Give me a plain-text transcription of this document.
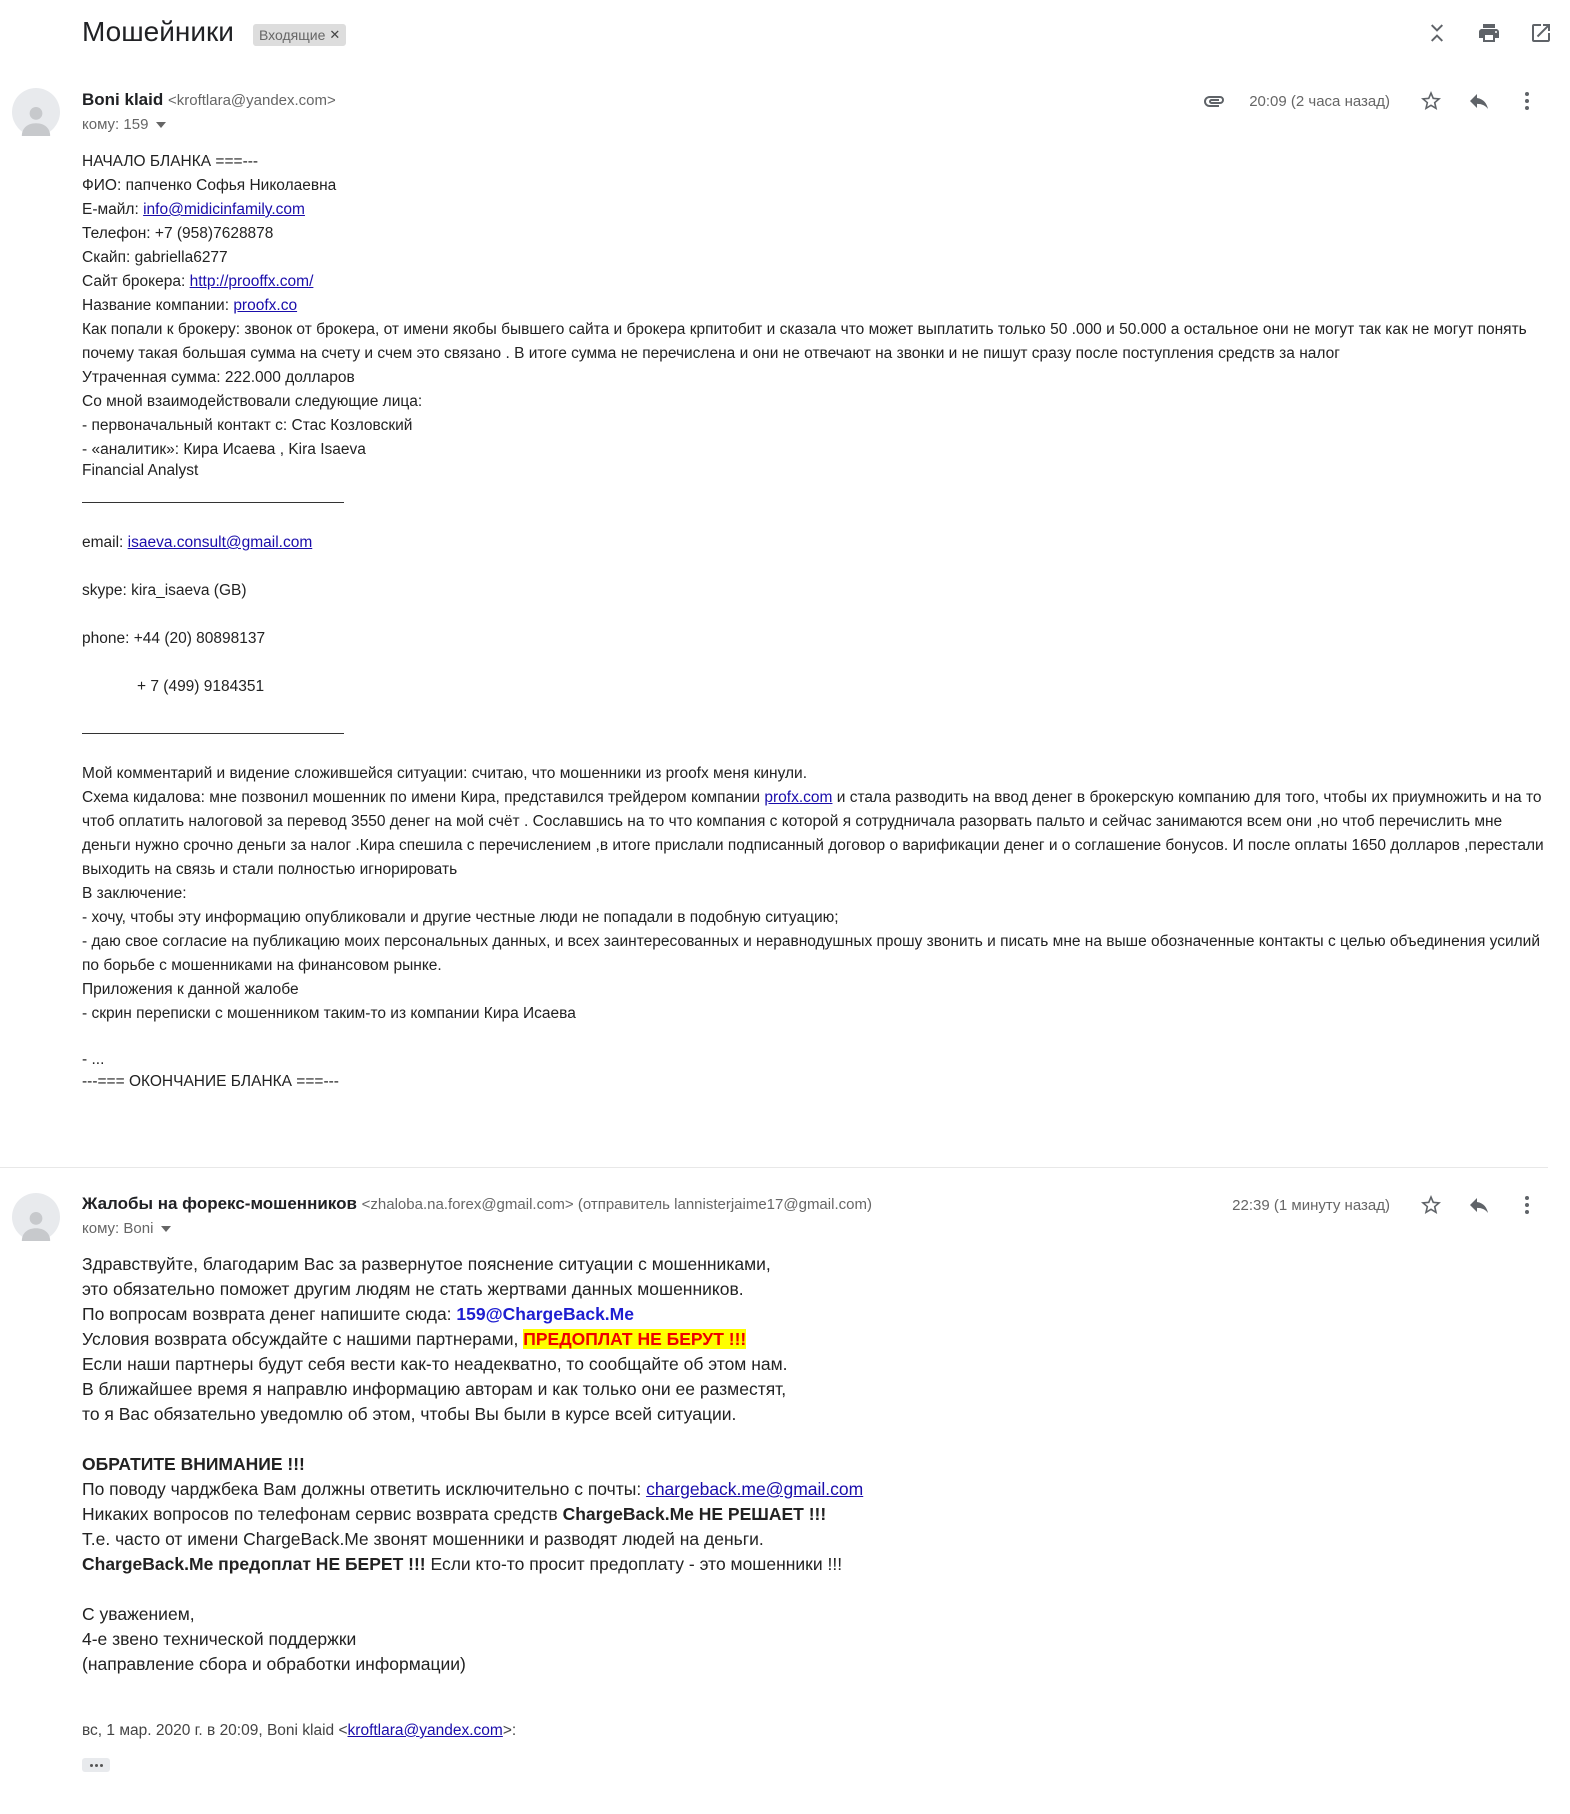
Мошейники Входящие ✕
Boni klaid <kroftlara@yandex.com>
кому: 159
20:09 (2 часа назад)

НАЧАЛО БЛАНКА ===---

ФИО: папченко Софья Николаевна

Е-майл: info@midicinfamily.com

Телефон: +7 (958)7628878

Скайп: gabriella6277

Сайт брокера: http://prooffx.com/

Название компании: proofx.co

Как попали к брокеру: звонок от брокера, от имени якобы бывшего сайта и брокера крпитобит и сказала что может выплатить только 50 .000 и 50.000 а остальное они не могут так как не могут понять почему такая большая сумма на счету и счем это связано . В итоге сумма не перечислена и они не отвечают на звонки и не пишут сразу после поступления средств за налог

Утраченная сумма: 222.000 долларов

Со мной взаимодействовали следующие лица:

- первоначальный контакт с: Стас Козловский

- «аналитик»: Кира Исаева , Kira Isaeva

Financial Analyst

email: isaeva.consult@gmail.com

skype: kira_isaeva (GB)

phone: +44 (20) 80898137

+ 7 (499) 9184351

Мой комментарий и видение сложившейся ситуации: считаю, что мошенники из proofx меня кинули.

Схема кидалова: мне позвонил мошенник по имени Кира, представился трейдером компании profx.com и стала разводить на ввод денег в брокерскую компанию для того, чтобы их приумножить и на то чтоб оплатить налоговой за перевод 3550 денег на мой счёт . Сославшись на то что компания с которой я сотрудничала разорвать пальто и сейчас занимаются всем они ,но чтоб перечислить мне деньги нужно срочно деньги за налог .Кира спешила с перечислением ,в итоге прислали подписанный договор о варификации денег и о соглашение бонусов. И после оплаты 1650 долларов ,перестали выходить на связь и стали полностью игнорировать

В заключение:

- хочу, чтобы эту информацию опубликовали и другие честные люди не попадали в подобную ситуацию;

- даю свое согласие на публикацию моих персональных данных, и всех заинтересованных и неравнодушных прошу звонить и писать мне на выше обозначенные контакты с целью объединения усилий по борьбе с мошенниками на финансовом рынке.

Приложения к данной жалобе

- скрин переписки с мошенником таким-то из компании Кира Исаева

- ...

---=== ОКОНЧАНИЕ БЛАНКА ===---

Жалобы на форекс-мошенников <zhaloba.na.forex@gmail.com> (отправитель lannisterjaime17@gmail.com)
кому: Boni
22:39 (1 минуту назад)

Здравствуйте, благодарим Вас за развернутое пояснение ситуации с мошенниками,

это обязательно поможет другим людям не стать жертвами данных мошенников.

По вопросам возврата денег напишите сюда: 159@ChargeBack.Me

Условия возврата обсуждайте с нашими партнерами, ПРЕДОПЛАТ НЕ БЕРУТ !!!

Если наши партнеры будут себя вести как-то неадекватно, то сообщайте об этом нам.

В ближайшее время я направлю информацию авторам и как только они ее разместят,

то я Вас обязательно уведомлю об этом, чтобы Вы были в курсе всей ситуации.

ОБРАТИТЕ ВНИМАНИЕ !!!

По поводу чарджбека Вам должны ответить исключительно с почты: chargeback.me@gmail.com

Никаких вопросов по телефонам сервис возврата средств ChargeBack.Me НЕ РЕШАЕТ !!!

Т.е. часто от имени ChargeBack.Me звонят мошенники и разводят людей на деньги.

ChargeBack.Me предоплат НЕ БЕРЕТ !!! Если кто-то просит предоплату - это мошенники !!!

С уважением,

4-е звено технической поддержки

(направление сбора и обработки информации)

вс, 1 мар. 2020 г. в 20:09, Boni klaid <kroftlara@yandex.com>:
